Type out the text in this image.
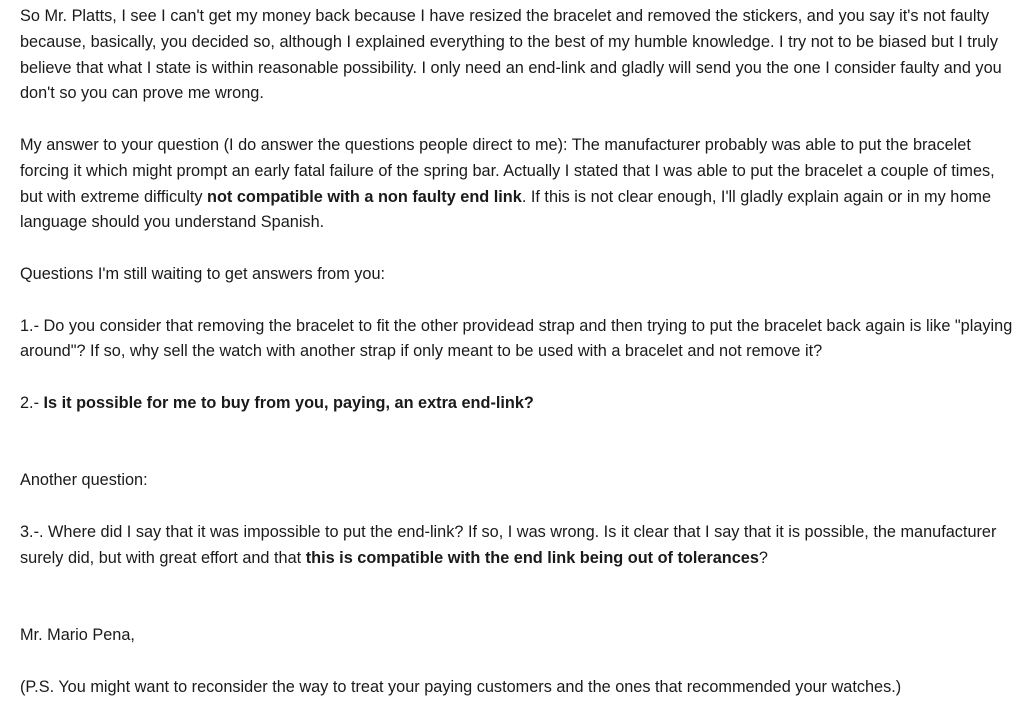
So Mr. Platts, I see I can't get my money back because I have resized the bracelet and removed the stickers, and you say it's not faulty because, basically, you decided so, although I explained everything to the best of my humble knowledge. I try not to be biased but I truly believe that what I state is within reasonable possibility. I only need an end-link and gladly will send you the one I consider faulty and you don't so you can prove me wrong.

My answer to your question (I do answer the questions people direct to me): The manufacturer probably was able to put the bracelet forcing it which might prompt an early fatal failure of the spring bar. Actually I stated that I was able to put the bracelet a couple of times, but with extreme difficulty not compatible with a non faulty end link. If this is not clear enough, I'll gladly explain again or in my home language should you understand Spanish.

Questions I'm still waiting to get answers from you:

1.- Do you consider that removing the bracelet to fit the other providead strap and then trying to put the bracelet back again is like "playing around"? If so, why sell the watch with another strap if only meant to be used with a bracelet and not remove it?

2.- Is it possible for me to buy from you, paying, an extra end-link?

Another question:

3.-. Where did I say that it was impossible to put the end-link? If so, I was wrong. Is it clear that I say that it is possible, the manufacturer surely did, but with great effort and that this is compatible with the end link being out of tolerances?

Mr. Mario Pena,

(P.S. You might want to reconsider the way to treat your paying customers and the ones that recommended your watches.)
